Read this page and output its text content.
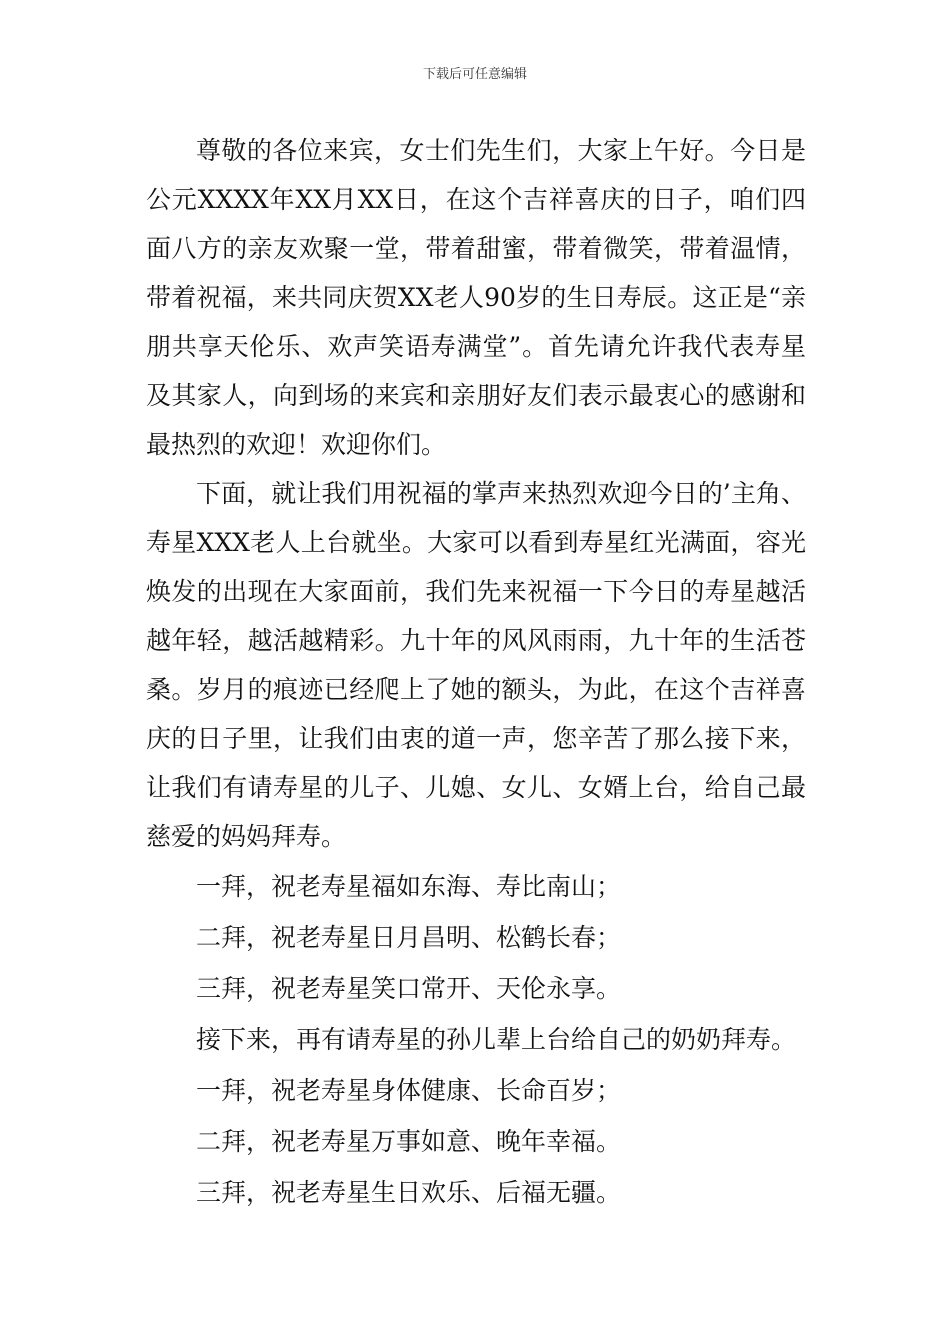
下载后可任意编辑

尊敬的各位来宾，女士们先生们，大家上午好。今日是公元XXXX年XX月XX日，在这个吉祥喜庆的日子，咱们四面八方的亲友欢聚一堂，带着甜蜜，带着微笑，带着温情，带着祝福，来共同庆贺XX老人90岁的生日寿辰。这正是“亲朋共享天伦乐、欢声笑语寿满堂”。首先请允许我代表寿星及其家人，向到场的来宾和亲朋好友们表示最衷心的感谢和最热烈的欢迎！欢迎你们。

下面，就让我们用祝福的掌声来热烈欢迎今日的’主角、寿星XXX老人上台就坐。大家可以看到寿星红光满面，容光焕发的出现在大家面前，我们先来祝福一下今日的寿星越活越年轻，越活越精彩。九十年的风风雨雨，九十年的生活苍桑。岁月的痕迹已经爬上了她的额头，为此，在这个吉祥喜庆的日子里，让我们由衷的道一声，您辛苦了那么接下来，让我们有请寿星的儿子、儿媳、女儿、女婿上台，给自己最慈爱的妈妈拜寿。

一拜，祝老寿星福如东海、寿比南山；

二拜，祝老寿星日月昌明、松鹤长春；

三拜，祝老寿星笑口常开、天伦永享。

接下来，再有请寿星的孙儿辈上台给自己的奶奶拜寿。

一拜，祝老寿星身体健康、长命百岁；

二拜，祝老寿星万事如意、晚年幸福。

三拜，祝老寿星生日欢乐、后福无疆。
